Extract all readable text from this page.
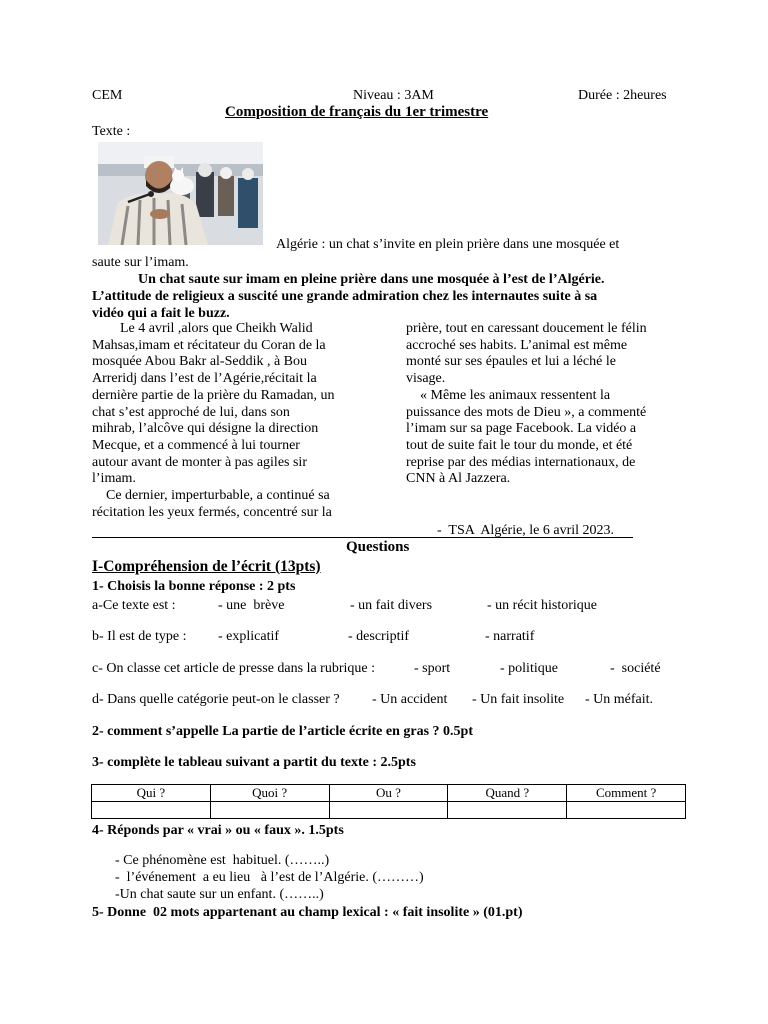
CEM	Niveau : 3AM	Durée : 2heures
Composition de français du 1er trimestre
Texte :
Algérie : un chat s’invite en plein prière dans une mosquée et
saute sur l’imam.
Un chat saute sur imam en pleine prière dans une mosquée à l’est de l’Algérie.
L’attitude de religieux a suscité une grande admiration chez les internautes suite à sa
vidéo qui a fait le buzz.

Le 4 avril ,alors que Cheikh Walid

Mahsas,imam et récitateur du Coran de la

mosquée Abou Bakr al-Seddik , à Bou

Arreridj dans l’est de l’Agérie,récitait la

dernière partie de la prière du Ramadan, un

chat s’est approché de lui, dans son

mihrab, l’alcôve qui désigne la direction

Mecque, et a commencé à lui tourner

autour avant de monter à pas agiles sir

l’imam.

Ce dernier, imperturbable, a continué sa

récitation les yeux fermés, concentré sur la

prière, tout en caressant doucement le félin

accroché ses habits. L’animal est même

monté sur ses épaules et lui a léché le

visage.

« Même les animaux ressentent la

puissance des mots de Dieu », a commenté

l’imam sur sa page Facebook. La vidéo a

tout de suite fait le tour du monde, et été

reprise par des médias internationaux, de

CNN à Al Jazzera.

-  TSA  Algérie, le 6 avril 2023.
Questions
I-Compréhension de l’écrit (13pts)
1- Choisis la bonne réponse : 2 pts
a-Ce texte est :	- une  brève	- un fait divers	- un récit historique
b- Il est de type : - explicatif	- descriptif	- narratif
c- On classe cet article de presse dans la rubrique :	- sport	- politique	-  société
d- Dans quelle catégorie peut-on le classer ? - Un accident - Un fait insolite - Un méfait.
2- comment s’appelle La partie de l’article écrite en gras ? 0.5pt
3- complète le tableau suivant a partit du texte : 2.5pts
Qui ?	Quoi ?	Ou ?	Quand ?	Comment ?

4- Réponds par « vrai » ou « faux ». 1.5pts
- Ce phénomène est  habituel. (……..)
-  l’événement  a eu lieu   à l’est de l’Algérie. (………)
-Un chat saute sur un enfant. (……..)
5- Donne  02 mots appartenant au champ lexical : « fait insolite » (01.pt)
